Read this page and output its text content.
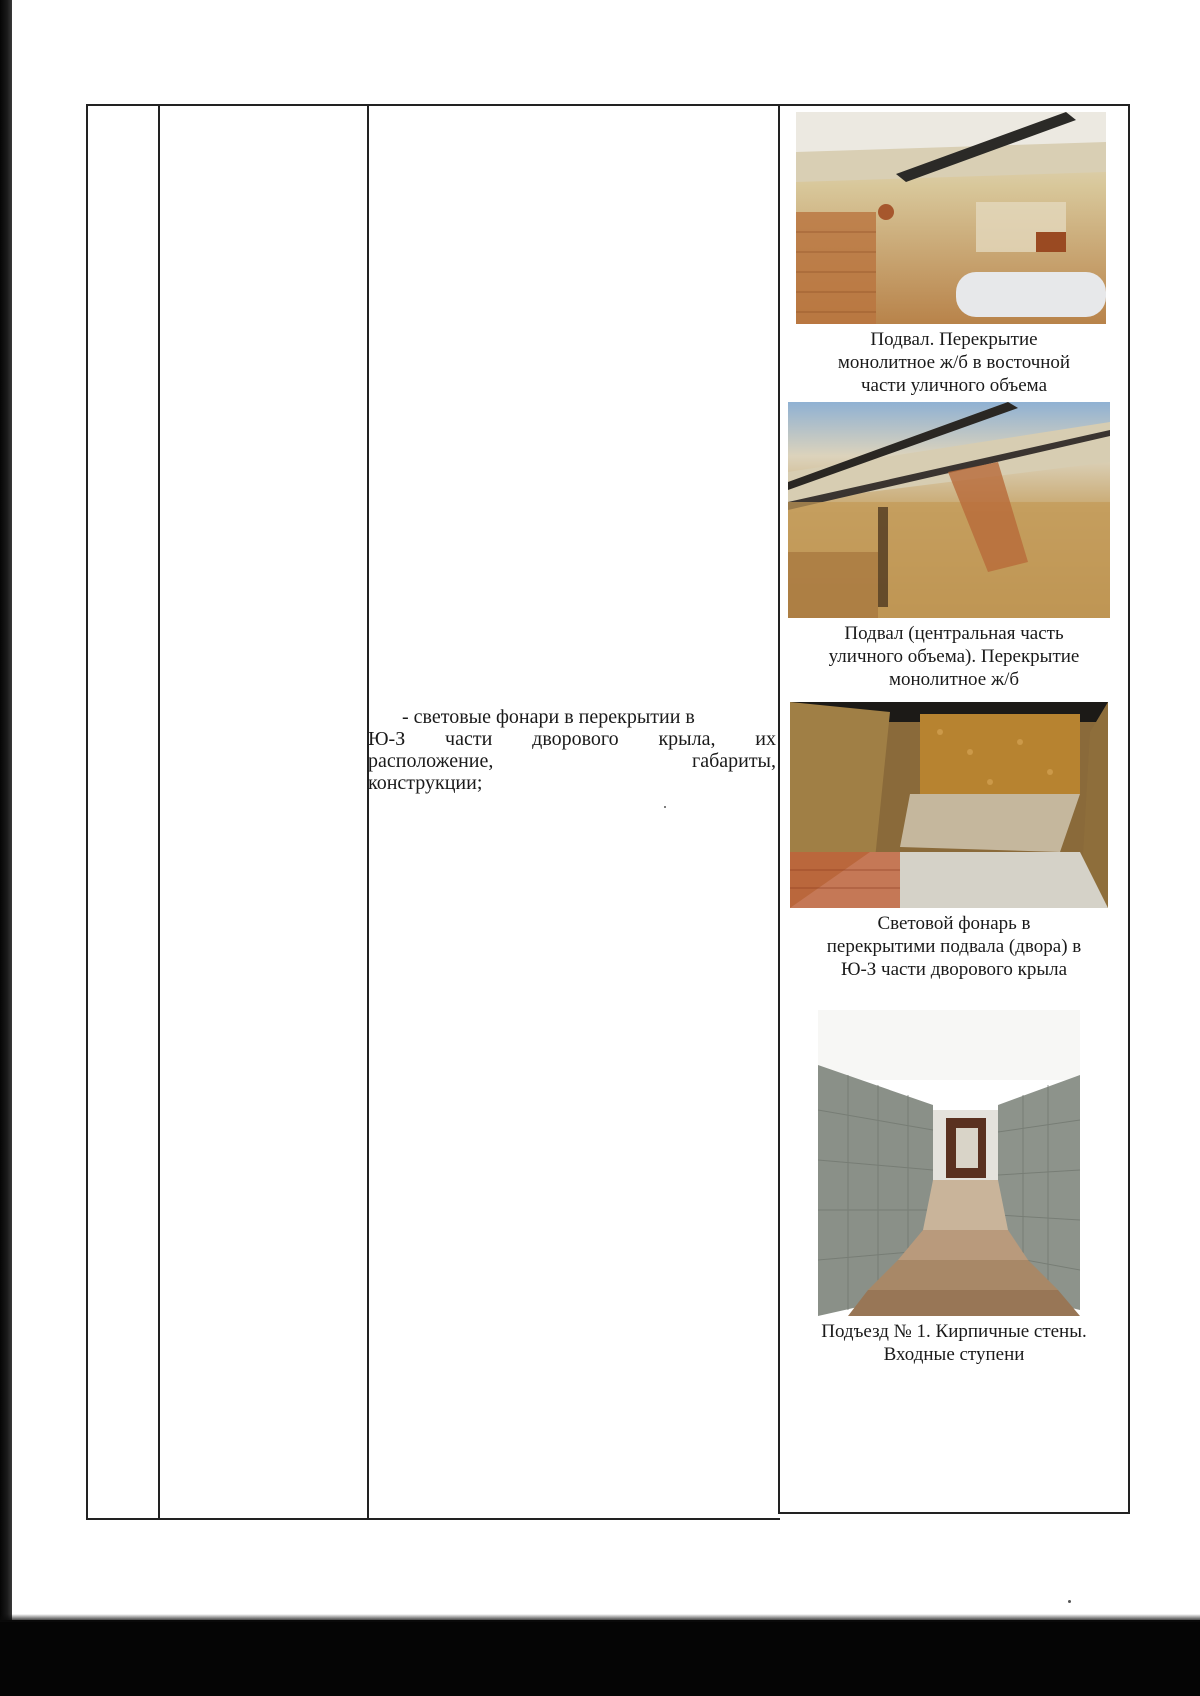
- световые фонари в перекрытии в
Ю-З части дворового крыла, их
расположение, габариты,
конструкции;
Подвал. Перекрытие
монолитное ж/б в восточной
части уличного объема
Подвал (центральная часть
уличного объема). Перекрытие
монолитное ж/б
Световой фонарь в
перекрытими подвала (двора) в
Ю-З части дворового крыла
Подъезд № 1. Кирпичные стены.
Входные ступени
